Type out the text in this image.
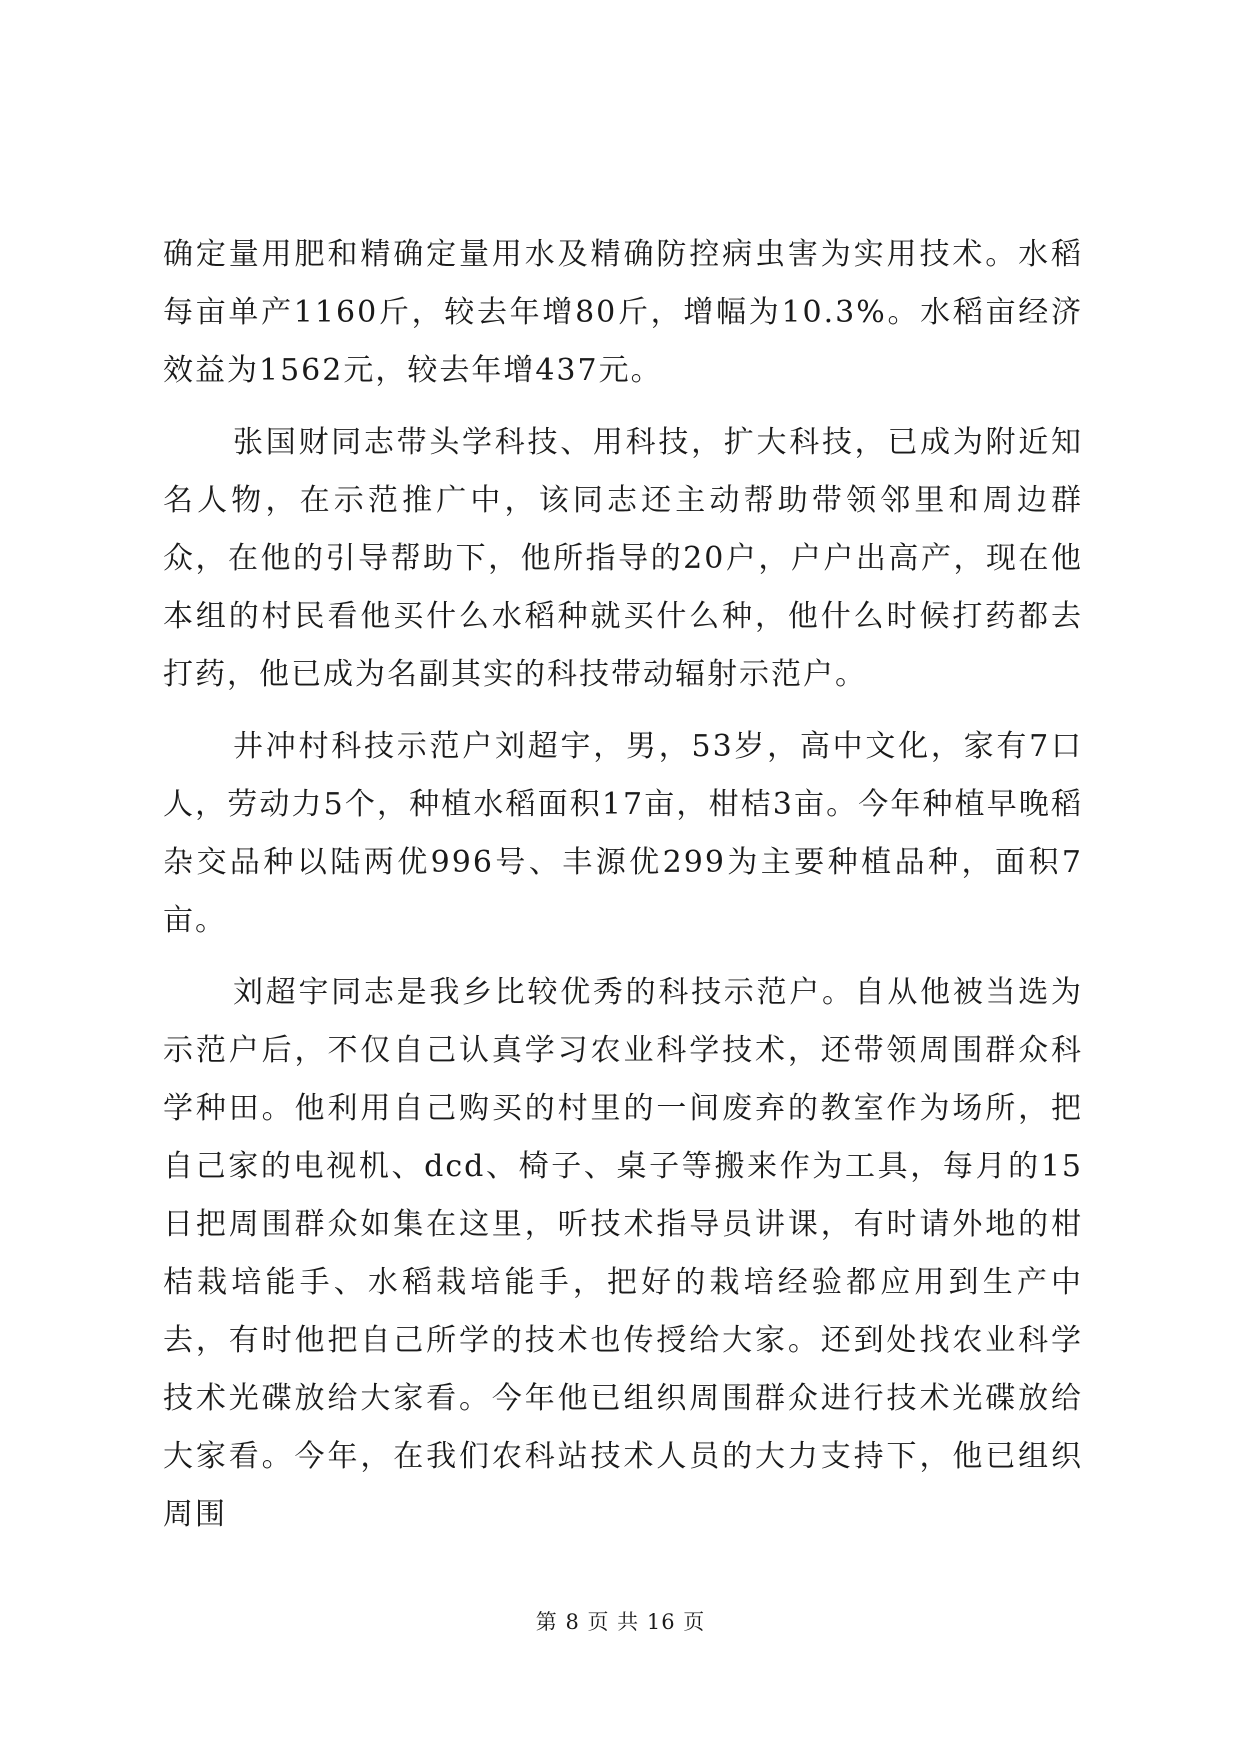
确定量用肥和精确定量用水及精确防控病虫害为实用技术。水稻每亩单产1160斤，较去年增80斤，增幅为10.3%。水稻亩经济效益为1562元，较去年增437元。

张国财同志带头学科技、用科技，扩大科技，已成为附近知名人物，在示范推广中，该同志还主动帮助带领邻里和周边群众，在他的引导帮助下，他所指导的20户，户户出高产，现在他本组的村民看他买什么水稻种就买什么种，他什么时候打药都去打药，他已成为名副其实的科技带动辐射示范户。

井冲村科技示范户刘超宇，男，53岁，高中文化，家有7口人，劳动力5个，种植水稻面积17亩，柑桔3亩。今年种植早晚稻杂交品种以陆两优996号、丰源优299为主要种植品种，面积7亩。

刘超宇同志是我乡比较优秀的科技示范户。自从他被当选为示范户后，不仅自己认真学习农业科学技术，还带领周围群众科学种田。他利用自己购买的村里的一间废弃的教室作为场所，把自己家的电视机、dcd、椅子、桌子等搬来作为工具，每月的15日把周围群众如集在这里，听技术指导员讲课，有时请外地的柑桔栽培能手、水稻栽培能手，把好的栽培经验都应用到生产中去，有时他把自己所学的技术也传授给大家。还到处找农业科学技术光碟放给大家看。今年他已组织周围群众进行技术光碟放给大家看。今年，在我们农科站技术人员的大力支持下，他已组织周围

第 8 页 共 16 页
